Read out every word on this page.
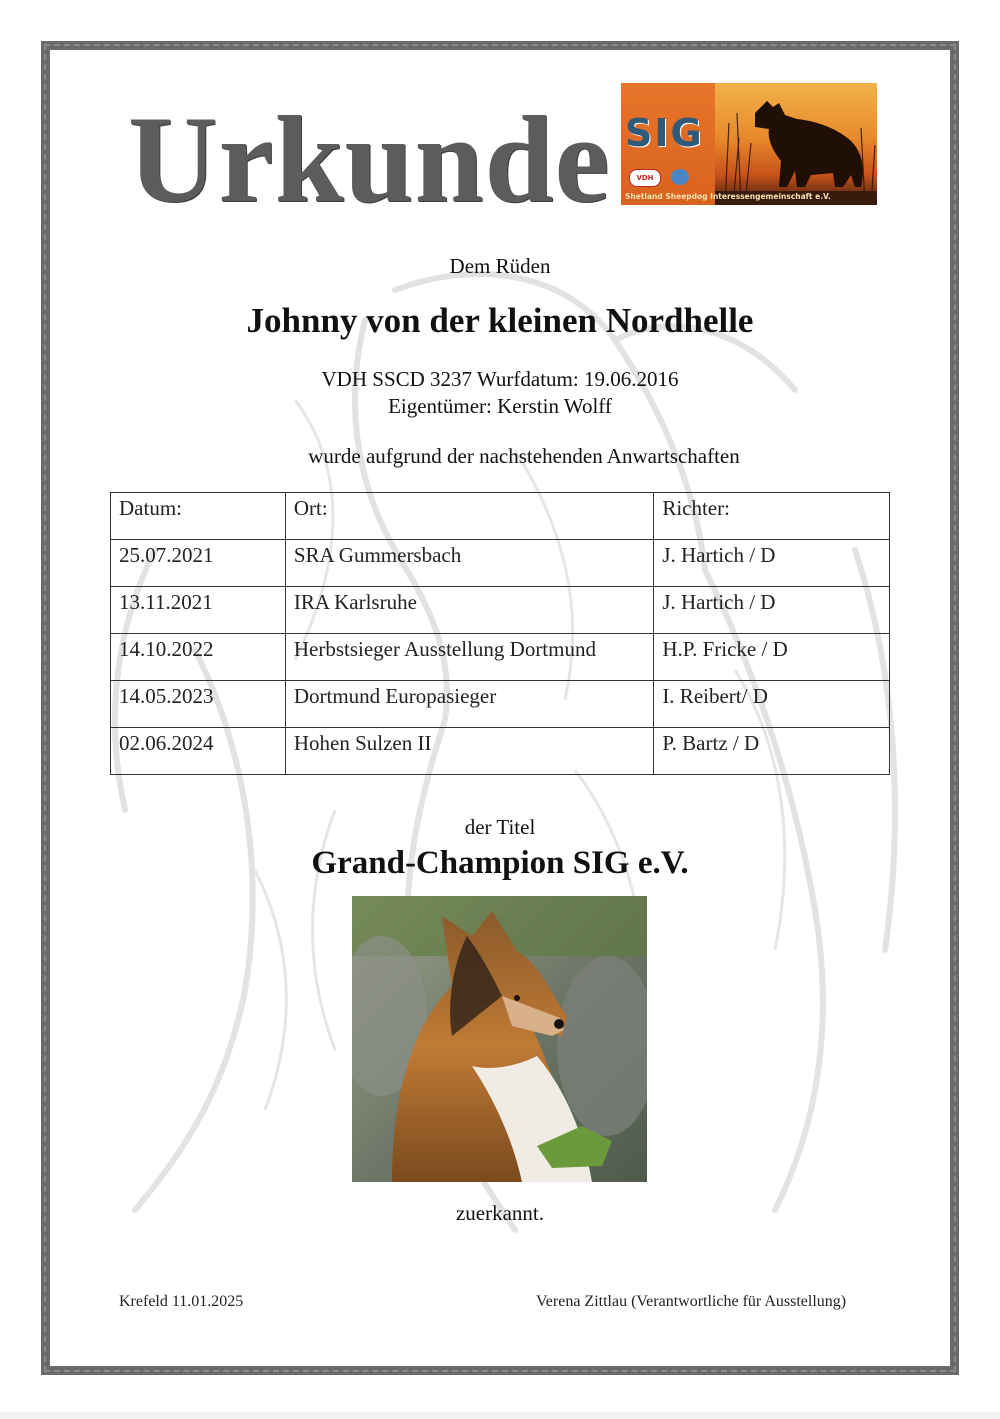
Urkunde SIG
VDH
Shetland Sheepdog Interessengemeinschaft e.V.
Dem Rüden
Johnny von der kleinen Nordhelle
VDH SSCD 3237 Wurfdatum: 19.06.2016
Eigentümer: Kerstin Wolff
wurde aufgrund der nachstehenden Anwartschaften
Datum:	Ort:	Richter:
25.07.2021	SRA Gummersbach	J. Hartich / D
13.11.2021	IRA Karlsruhe	J. Hartich / D
14.10.2022	Herbstsieger Ausstellung Dortmund	H.P. Fricke / D
14.05.2023	Dortmund Europasieger	I. Reibert/ D
02.06.2024	Hohen Sulzen II	P. Bartz / D
der Titel
Grand-Champion SIG e.V.
zuerkannt.
Krefeld 11.01.2025	Verena Zittlau (Verantwortliche für Ausstellung)
